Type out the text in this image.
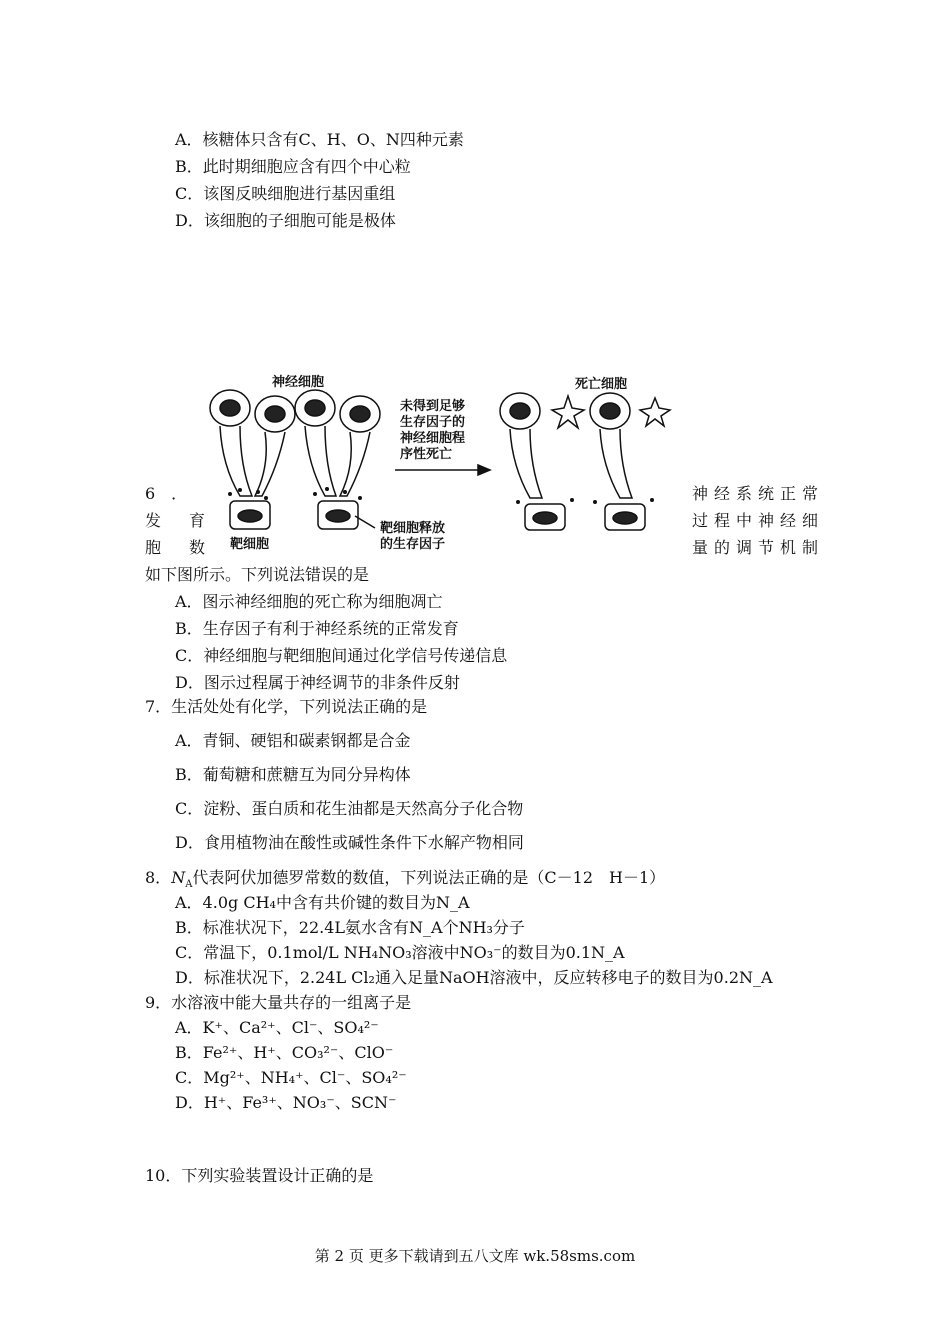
A．核糖体只含有C、H、O、N四种元素
B．此时期细胞应含有四个中心粒
C．该图反映细胞进行基因重组
D．该细胞的子细胞可能是极体
神经细胞	死亡细胞
靶细胞
靶细胞释放
的生存因子
未得到足够
生存因子的
神经细胞程
序性死亡
6　．
发　育
胞　数
神经系统正常
过程中神经细
量的调节机制
如下图所示。下列说法错误的是
A．图示神经细胞的死亡称为细胞凋亡
B．生存因子有利于神经系统的正常发育
C．神经细胞与靶细胞间通过化学信号传递信息
D．图示过程属于神经调节的非条件反射
7．生活处处有化学，下列说法正确的是
A．青铜、硬铝和碳素钢都是合金
B．葡萄糖和蔗糖互为同分异构体
C．淀粉、蛋白质和花生油都是天然高分子化合物
D．食用植物油在酸性或碱性条件下水解产物相同
8．$N_A$代表阿伏加德罗常数的数值，下列说法正确的是（C－12　H－1）
A．4.0g CH₄中含有共价键的数目为N_A
B．标准状况下，22.4L氨水含有N_A个NH₃分子
C．常温下，0.1mol/L NH₄NO₃溶液中NO₃⁻的数目为0.1N_A
D．标准状况下，2.24L Cl₂通入足量NaOH溶液中，反应转移电子的数目为0.2N_A
9．水溶液中能大量共存的一组离子是
A．K⁺、Ca²⁺、Cl⁻、SO₄²⁻
B．Fe²⁺、H⁺、CO₃²⁻、ClO⁻
C．Mg²⁺、NH₄⁺、Cl⁻、SO₄²⁻
D．H⁺、Fe³⁺、NO₃⁻、SCN⁻
10．下列实验装置设计正确的是
第 2 页 更多下载请到五八文库 wk.58sms.com
